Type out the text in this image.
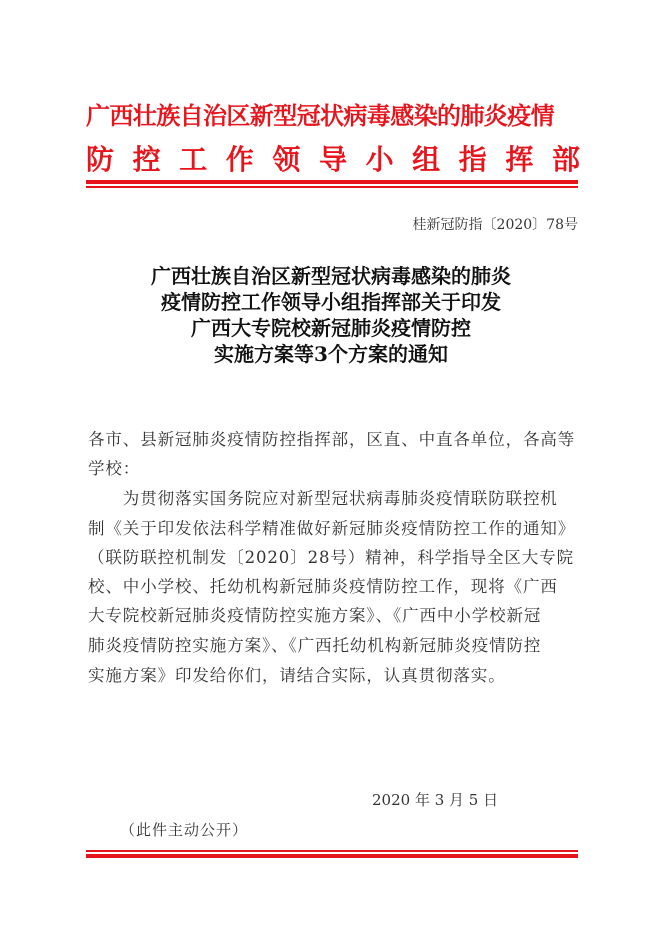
广西壮族自治区新型冠状病毒感染的肺炎疫情
防 控 工 作 领 导 小 组 指 挥 部
桂新冠防指〔2020〕78号
广西壮族自治区新型冠状病毒感染的肺炎
疫情防控工作领导小组指挥部关于印发
广西大专院校新冠肺炎疫情防控
实施方案等3个方案的通知
各市、县新冠肺炎疫情防控指挥部，区直、中直各单位，各高等
学校：
　　为贯彻落实国务院应对新型冠状病毒肺炎疫情联防联控机
制《关于印发依法科学精准做好新冠肺炎疫情防控工作的通知》
（联防联控机制发〔2020〕28号）精神，科学指导全区大专院
校、中小学校、托幼机构新冠肺炎疫情防控工作，现将《广西
大专院校新冠肺炎疫情防控实施方案》、《广西中小学校新冠
肺炎疫情防控实施方案》、《广西托幼机构新冠肺炎疫情防控
实施方案》印发给你们，请结合实际，认真贯彻落实。
2020 年 3 月 5 日
（此件主动公开）
